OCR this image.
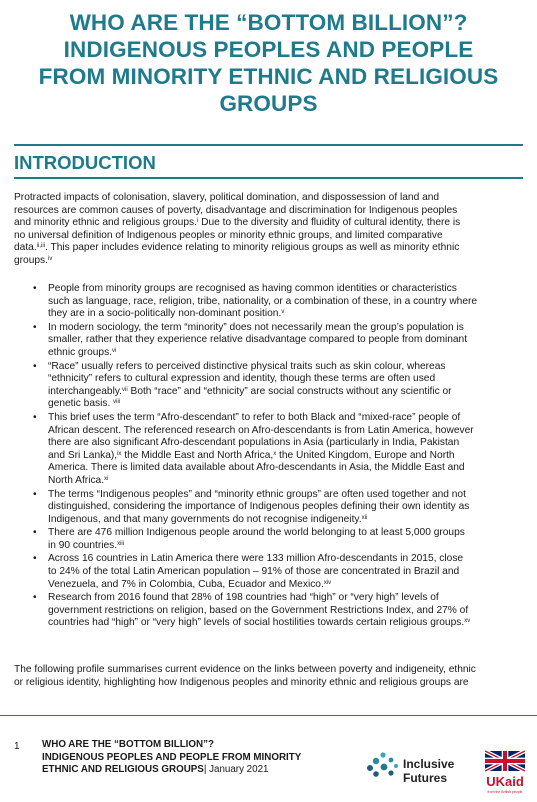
WHO ARE THE “BOTTOM BILLION”?
INDIGENOUS PEOPLES AND PEOPLE
FROM MINORITY ETHNIC AND RELIGIOUS
GROUPS
INTRODUCTION
Protracted impacts of colonisation, slavery, political domination, and dispossession of land and
resources are common causes of poverty, disadvantage and discrimination for Indigenous peoples
and minority ethnic and religious groups.$^i$ Due to the diversity and fluidity of cultural identity, there is
no universal definition of Indigenous peoples or minority ethnic groups, and limited comparative
data.$^{ii,iii}$. This paper includes evidence relating to minority religious groups as well as minority ethnic
groups.$^{iv}$
• People from minority groups are recognised as having common identities or characteristics
such as language, race, religion, tribe, nationality, or a combination of these, in a country where
they are in a socio-politically non-dominant position.$^v$
• In modern sociology, the term “minority” does not necessarily mean the group’s population is
smaller, rather that they experience relative disadvantage compared to people from dominant
ethnic groups.$^{vi}$
• “Race” usually refers to perceived distinctive physical traits such as skin colour, whereas
“ethnicity” refers to cultural expression and identity, though these terms are often used
interchangeably.$^{vii}$ Both “race” and “ethnicity” are social constructs without any scientific or
genetic basis. $^{viii}$
• This brief uses the term “Afro-descendant” to refer to both Black and “mixed-race” people of
African descent. The referenced research on Afro-descendants is from Latin America, however
there are also significant Afro-descendant populations in Asia (particularly in India, Pakistan
and Sri Lanka),$^{ix}$ the Middle East and North Africa,$^x$ the United Kingdom, Europe and North
America. There is limited data available about Afro-descendants in Asia, the Middle East and
North Africa.$^{xi}$
• The terms “Indigenous peoples” and “minority ethnic groups” are often used together and not
distinguished, considering the importance of Indigenous peoples defining their own identity as
Indigenous, and that many governments do not recognise indigeneity.$^{xii}$
• There are 476 million Indigenous people around the world belonging to at least 5,000 groups
in 90 countries.$^{xiii}$
• Across 16 countries in Latin America there were 133 million Afro-descendants in 2015, close
to 24% of the total Latin American population – 91% of those are concentrated in Brazil and
Venezuela, and 7% in Colombia, Cuba, Ecuador and Mexico.$^{xiv}$
• Research from 2016 found that 28% of 198 countries had “high” or “very high” levels of
government restrictions on religion, based on the Government Restrictions Index, and 27% of
countries had “high” or “very high” levels of social hostilities towards certain religious groups.$^{xv}$
The following profile summarises current evidence on the links between poverty and indigeneity, ethnic
or religious identity, highlighting how Indigenous peoples and minority ethnic and religious groups are
1 WHO ARE THE “BOTTOM BILLION”?
INDIGENOUS PEOPLES AND PEOPLE FROM MINORITY
ETHNIC AND RELIGIOUS GROUPS| January 2021	Inclusive
Futures	UKaid
from the British people
